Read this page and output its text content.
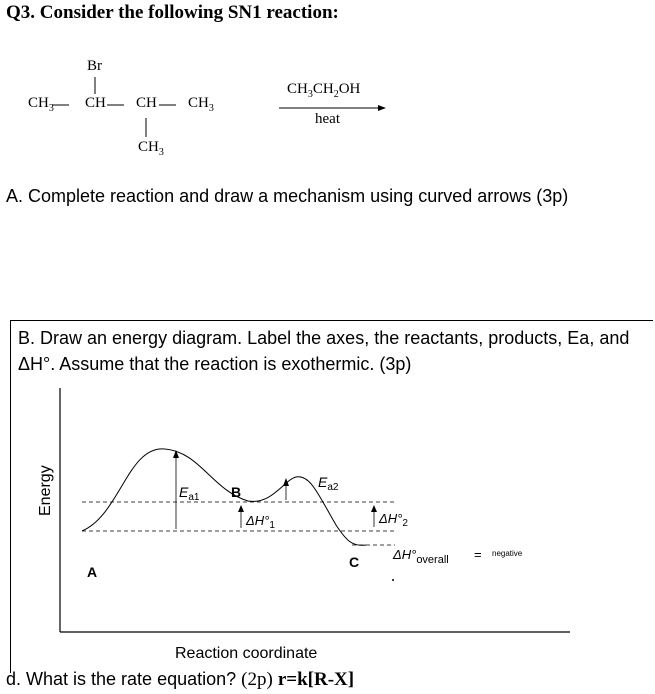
Q3. Consider the following SN1 reaction:
Br
$CH_3$ CH CH $CH_3$
$CH_3$
$CH_3CH_2OH$
heat
A. Complete reaction and draw a mechanism using curved arrows (3p)
B. Draw an energy diagram. Label the axes, the reactants, products, Ea, and ΔH°. Assume that the reaction is exothermic. (3p)
Energy	$E_{a1}$ B
$E_{a2}$
$\Delta H^\circ_1$	$\Delta H^\circ_2$
A
C	$\Delta H^\circ_{overall}$ = negative
Reaction coordinate
d. What is the rate equation? (2p) r=k[R-X]
